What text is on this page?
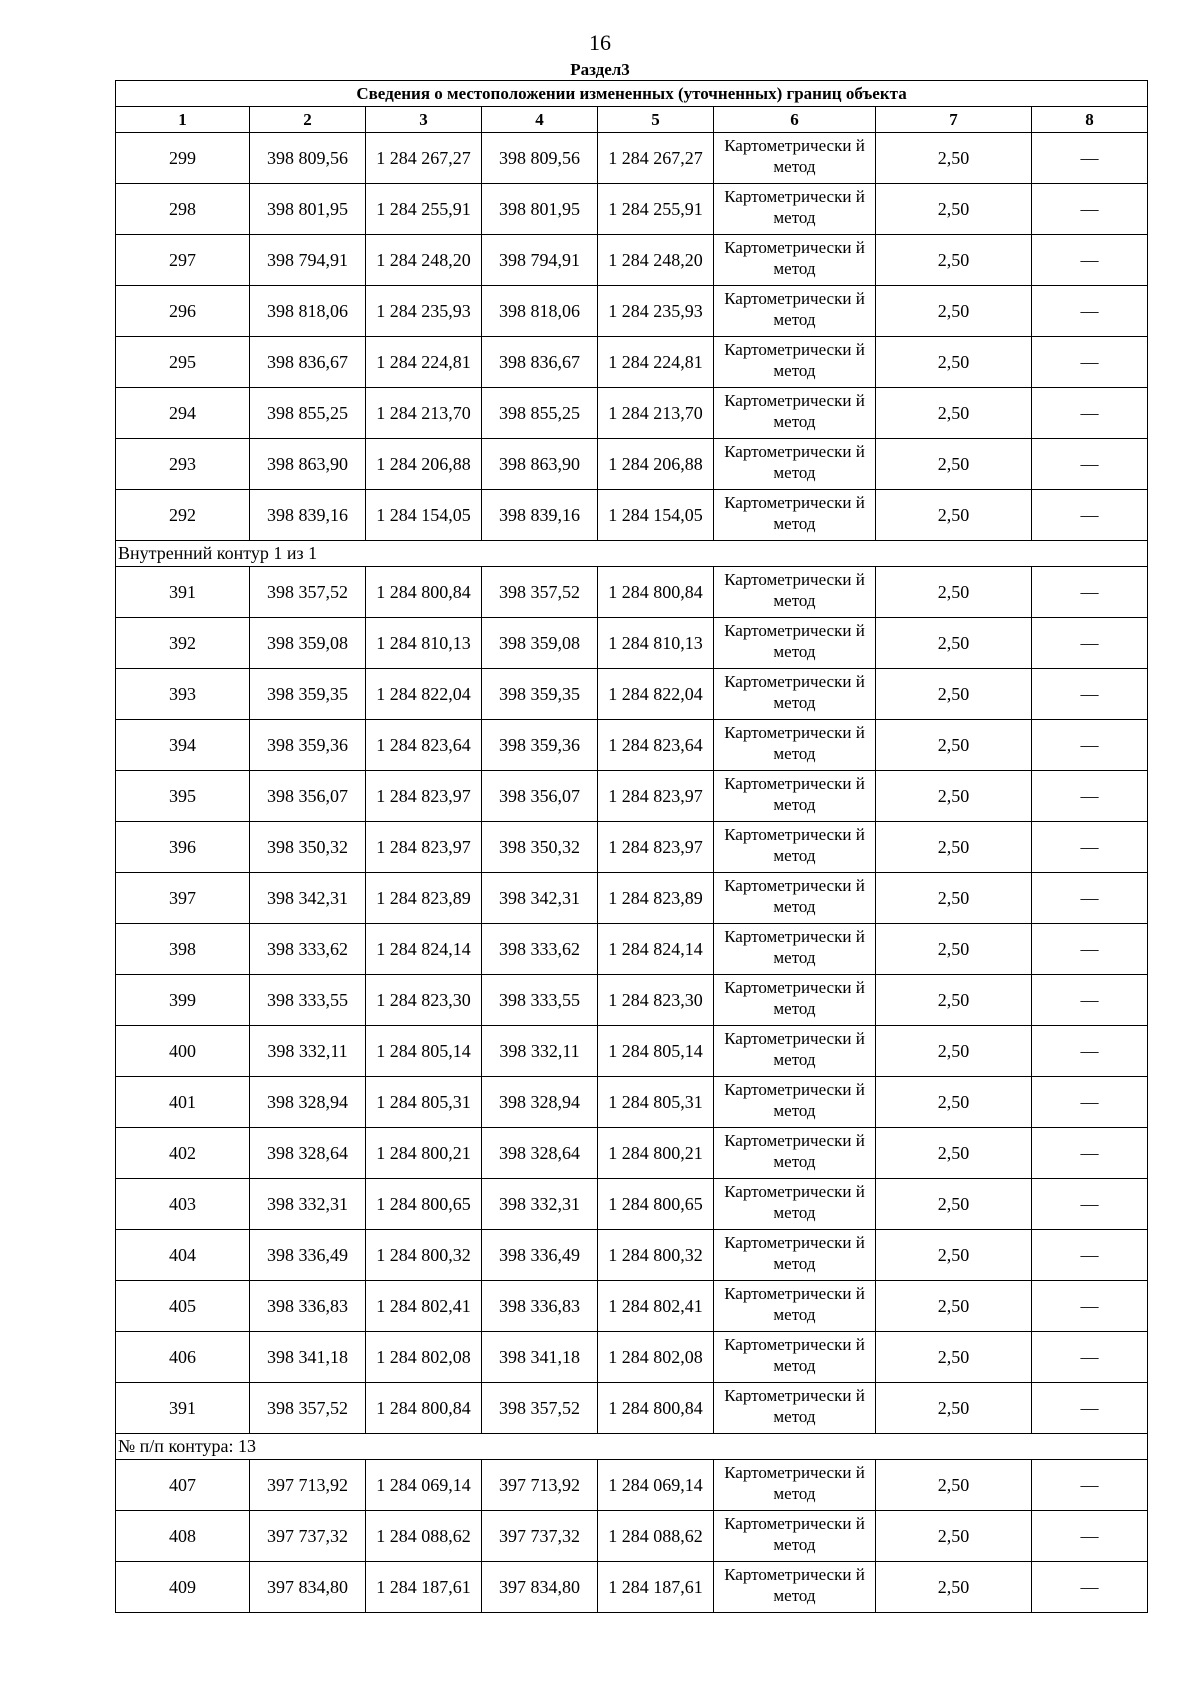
16
Раздел3
Сведения о местоположении измененных (уточненных) границ объекта							
1	2	3	4	5	6	7	8
299	398 809,56	1 284 267,27	398 809,56	1 284 267,27	Картометрически й метод	2,50	—
298	398 801,95	1 284 255,91	398 801,95	1 284 255,91	Картометрически й метод	2,50	—
297	398 794,91	1 284 248,20	398 794,91	1 284 248,20	Картометрически й метод	2,50	—
296	398 818,06	1 284 235,93	398 818,06	1 284 235,93	Картометрически й метод	2,50	—
295	398 836,67	1 284 224,81	398 836,67	1 284 224,81	Картометрически й метод	2,50	—
294	398 855,25	1 284 213,70	398 855,25	1 284 213,70	Картометрически й метод	2,50	—
293	398 863,90	1 284 206,88	398 863,90	1 284 206,88	Картометрически й метод	2,50	—
292	398 839,16	1 284 154,05	398 839,16	1 284 154,05	Картометрически й метод	2,50	—
Внутренний контур 1 из 1							
391	398 357,52	1 284 800,84	398 357,52	1 284 800,84	Картометрически й метод	2,50	—
392	398 359,08	1 284 810,13	398 359,08	1 284 810,13	Картометрически й метод	2,50	—
393	398 359,35	1 284 822,04	398 359,35	1 284 822,04	Картометрически й метод	2,50	—
394	398 359,36	1 284 823,64	398 359,36	1 284 823,64	Картометрически й метод	2,50	—
395	398 356,07	1 284 823,97	398 356,07	1 284 823,97	Картометрически й метод	2,50	—
396	398 350,32	1 284 823,97	398 350,32	1 284 823,97	Картометрически й метод	2,50	—
397	398 342,31	1 284 823,89	398 342,31	1 284 823,89	Картометрически й метод	2,50	—
398	398 333,62	1 284 824,14	398 333,62	1 284 824,14	Картометрически й метод	2,50	—
399	398 333,55	1 284 823,30	398 333,55	1 284 823,30	Картометрически й метод	2,50	—
400	398 332,11	1 284 805,14	398 332,11	1 284 805,14	Картометрически й метод	2,50	—
401	398 328,94	1 284 805,31	398 328,94	1 284 805,31	Картометрически й метод	2,50	—
402	398 328,64	1 284 800,21	398 328,64	1 284 800,21	Картометрически й метод	2,50	—
403	398 332,31	1 284 800,65	398 332,31	1 284 800,65	Картометрически й метод	2,50	—
404	398 336,49	1 284 800,32	398 336,49	1 284 800,32	Картометрически й метод	2,50	—
405	398 336,83	1 284 802,41	398 336,83	1 284 802,41	Картометрически й метод	2,50	—
406	398 341,18	1 284 802,08	398 341,18	1 284 802,08	Картометрически й метод	2,50	—
391	398 357,52	1 284 800,84	398 357,52	1 284 800,84	Картометрически й метод	2,50	—
№ п/п контура: 13							
407	397 713,92	1 284 069,14	397 713,92	1 284 069,14	Картометрически й метод	2,50	—
408	397 737,32	1 284 088,62	397 737,32	1 284 088,62	Картометрически й метод	2,50	—
409	397 834,80	1 284 187,61	397 834,80	1 284 187,61	Картометрически й метод	2,50	—
